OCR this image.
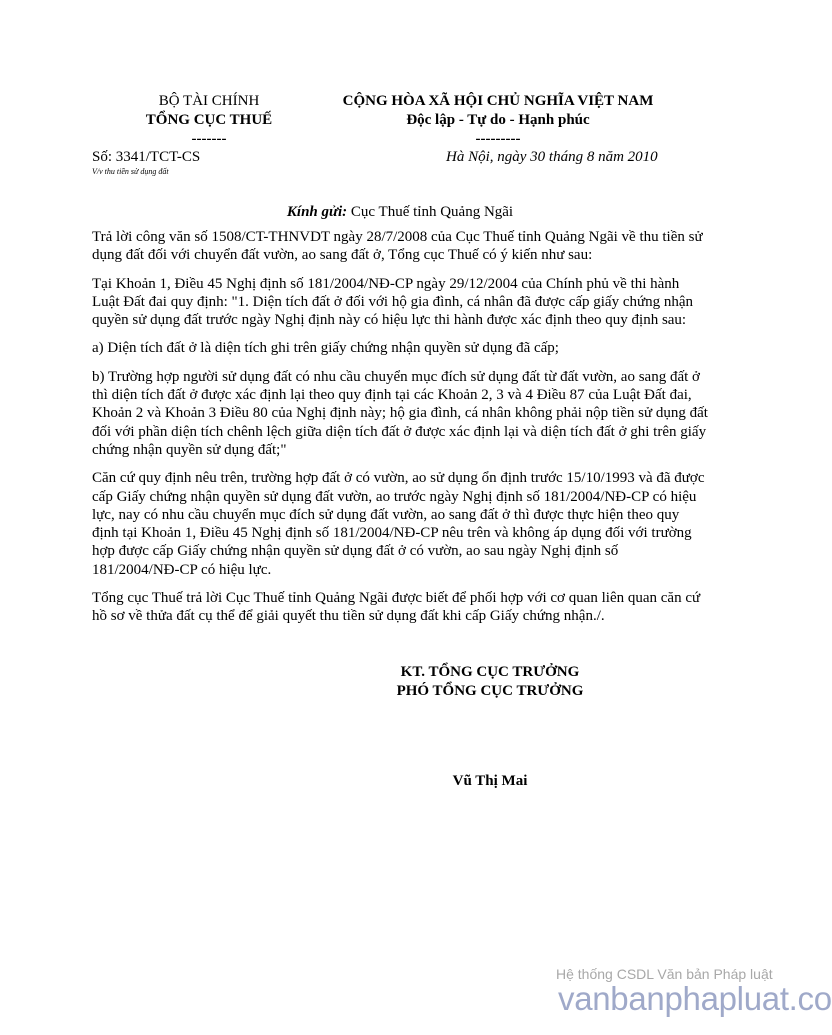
BỘ TÀI CHÍNH
TỔNG CỤC THUẾ
-------
CỘNG HÒA XÃ HỘI CHỦ NGHĨA VIỆT NAM
Độc lập - Tự do - Hạnh phúc
---------
Số: 3341/TCT-CS
V/v thu tiền sử dụng đất
Hà Nội, ngày 30 tháng 8 năm 2010
Kính gửi: Cục Thuế tỉnh Quảng Ngãi

Trả lời công văn số 1508/CT-THNVDT ngày 28/7/2008 của Cục Thuế tỉnh Quảng Ngãi về thu tiền sử dụng đất đối với chuyển đất vườn, ao sang đất ở, Tổng cục Thuế có ý kiến như sau:

Tại Khoản 1, Điều 45 Nghị định số 181/2004/NĐ-CP ngày 29/12/2004 của Chính phủ về thi hành Luật Đất đai quy định: "1. Diện tích đất ở đối với hộ gia đình, cá nhân đã được cấp giấy chứng nhận quyền sử dụng đất trước ngày Nghị định này có hiệu lực thi hành được xác định theo quy định sau:

a) Diện tích đất ở là diện tích ghi trên giấy chứng nhận quyền sử dụng đã cấp;

b) Trường hợp người sử dụng đất có nhu cầu chuyển mục đích sử dụng đất từ đất vườn, ao sang đất ở thì diện tích đất ở được xác định lại theo quy định tại các Khoản 2, 3 và 4 Điều 87 của Luật Đất đai, Khoản 2 và Khoản 3 Điều 80 của Nghị định này; hộ gia đình, cá nhân không phải nộp tiền sử dụng đất đối với phần diện tích chênh lệch giữa diện tích đất ở được xác định lại và diện tích đất ở ghi trên giấy chứng nhận quyền sử dụng đất;"

Căn cứ quy định nêu trên, trường hợp đất ở có vườn, ao sử dụng ổn định trước 15/10/1993 và đã được cấp Giấy chứng nhận quyền sử dụng đất vườn, ao trước ngày Nghị định số 181/2004/NĐ-CP có hiệu lực, nay có nhu cầu chuyển mục đích sử dụng đất vườn, ao sang đất ở thì được thực hiện theo quy định tại Khoản 1, Điều 45 Nghị định số 181/2004/NĐ-CP nêu trên và không áp dụng đối với trường hợp được cấp Giấy chứng nhận quyền sử dụng đất ở có vườn, ao sau ngày Nghị định số 181/2004/NĐ-CP có hiệu lực.

Tổng cục Thuế trả lời Cục Thuế tỉnh Quảng Ngãi được biết để phối hợp với cơ quan liên quan căn cứ hồ sơ về thửa đất cụ thể để giải quyết thu tiền sử dụng đất khi cấp Giấy chứng nhận./.

KT. TỔNG CỤC TRƯỞNG
PHÓ TỔNG CỤC TRƯỞNG
Vũ Thị Mai
Hệ thống CSDL Văn bản Pháp luật
vanbanphapluat.co
